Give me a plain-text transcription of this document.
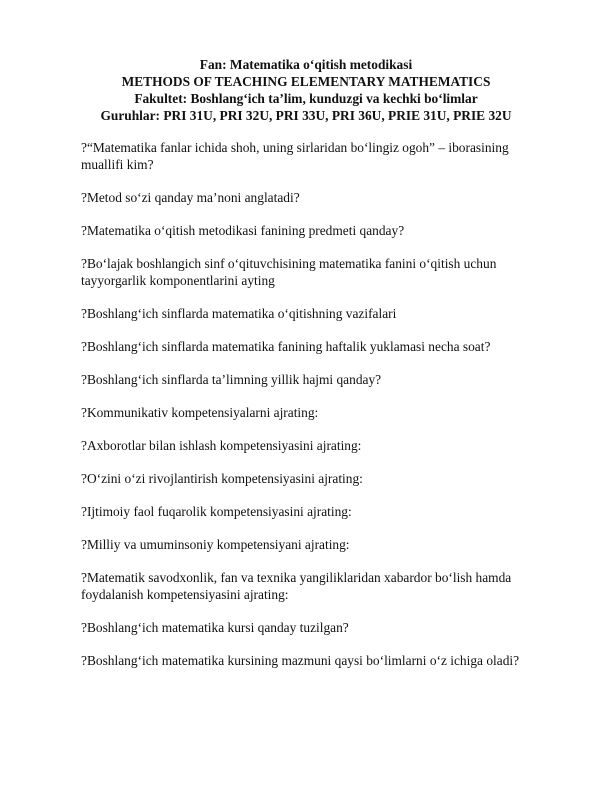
Fan: Matematika o‘qitish metodikasi
METHODS OF TEACHING ELEMENTARY MATHEMATICS
Fakultet: Boshlang‘ich ta’lim, kunduzgi va kechki bo‘limlar
Guruhlar: PRI 31U, PRI 32U, PRI 33U, PRI 36U, PRIE 31U, PRIE 32U

?“Matematika fanlar ichida shoh, uning sirlaridan bo‘lingiz ogoh” – iborasining muallifi kim?

?Metod so‘zi qanday ma’noni anglatadi?

?Matematika o‘qitish metodikasi fanining predmeti qanday?

?Bo‘lajak boshlangich sinf o‘qituvchisining matematika fanini o‘qitish uchun tayyorgarlik komponentlarini ayting

?Boshlang‘ich sinflarda matematika o‘qitishning vazifalari

?Boshlang‘ich sinflarda matematika fanining haftalik yuklamasi necha soat?

?Boshlang‘ich sinflarda ta’limning yillik hajmi qanday?

?Kommunikativ kompetensiyalarni ajrating:

?Axborotlar bilan ishlash kompetensiyasini ajrating:

?O‘zini o‘zi rivojlantirish kompetensiyasini ajrating:

?Ijtimoiy faol fuqarolik kompetensiyasini ajrating:

?Milliy va umuminsoniy kompetensiyani ajrating:

?Matematik savodxonlik, fan va texnika yangiliklaridan xabardor bo‘lish hamda foydalanish kompetensiyasini ajrating:

?Boshlang‘ich matematika kursi qanday tuzilgan?

?Boshlang‘ich matematika kursining mazmuni qaysi bo‘limlarni o‘z ichiga oladi?
